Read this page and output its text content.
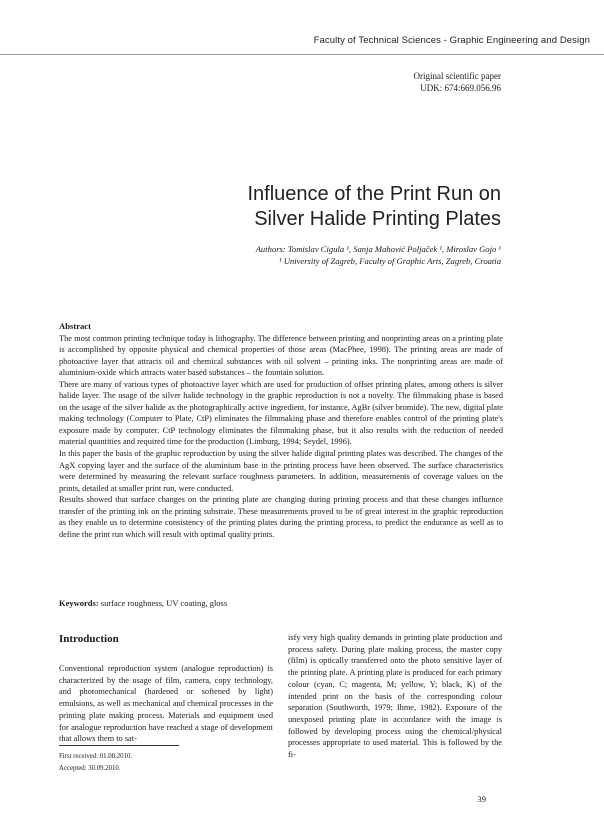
Faculty of Technical Sciences - Graphic Engineering and Design
Original scientific paper
UDK: 674:669.056.96
Influence of the Print Run on
Silver Halide Printing Plates
Authors: Tomislav Cigula ¹, Sanja Mahović Poljaček ¹, Miroslav Gojo ¹
¹ University of Zagreb, Faculty of Graphic Arts, Zagreb, Croatia
Abstract

The most common printing technique today is lithography. The difference between printing and nonprinting areas on a printing plate is accomplished by opposite physical and chemical properties of those areas (MacPhee, 1998). The printing areas are made of photoactive layer that attracts oil and chemical substances with oil solvent – printing inks. The nonprinting areas are made of aluminium-oxide which attracts water based substances – the fountain solution.

There are many of various types of photoactive layer which are used for production of offset printing plates, among others is silver halide layer. The usage of the silver halide technology in the graphic reproduction is not a novelty. The filmmaking phase is based on the usage of the silver halide as the photographically active ingredient, for instance, AgBr (silver bromide). The new, digital plate making technology (Computer to Plate, CtP) eliminates the filmmaking phase and therefore enables control of the printing plate's exposure made by computer. CtP technology eliminates the filmmaking phase, but it also results with the reduction of needed material quantities and required time for the production (Limburg, 1994; Seydel, 1996).

In this paper the basis of the graphic reproduction by using the silver halide digital printing plates was described. The changes of the AgX copying layer and the surface of the aluminium base in the printing process have been observed. The surface characteristics were determined by measuring the relevant surface roughness parameters. In addition, measurements of coverage values on the prints, detailed at smaller print run, were conducted.

Results showed that surface changes on the printing plate are changing during printing process and that these changes influence transfer of the printing ink on the printing substrate. These measurements proved to be of great interest in the graphic reproduction as they enable us to determine consistency of the printing plates during the printing process, to predict the endurance as well as to define the print run which will result with optimal quality prints.

Keywords: surface roughness, UV coating, gloss
Introduction

Conventional reproduction system (analogue reproduction) is characterized by the usage of film, camera, copy technology, and photomechanical (hardened or softened by light) emulsions, as well as mechanical and chemical processes in the printing plate making process. Materials and equipment used for analogue reproduction have reached a stage of development that allows them to sat-

First received: 01.08.2010.
Accepted: 30.09.2010.

isfy very high quality demands in printing plate production and process safety. During plate making process, the master copy (film) is optically transferred onto the photo sensitive layer of the printing plate. A printing plate is produced for each primary colour (cyan, C; magenta, M; yellow, Y; black, K) of the intended print on the basis of the corresponding colour separation (Southworth, 1979; Ihme, 1982). Exposure of the unexposed printing plate in accordance with the image is followed by developing process using the chemical/physical processes appropriate to used material. This is followed by the fi-

39
